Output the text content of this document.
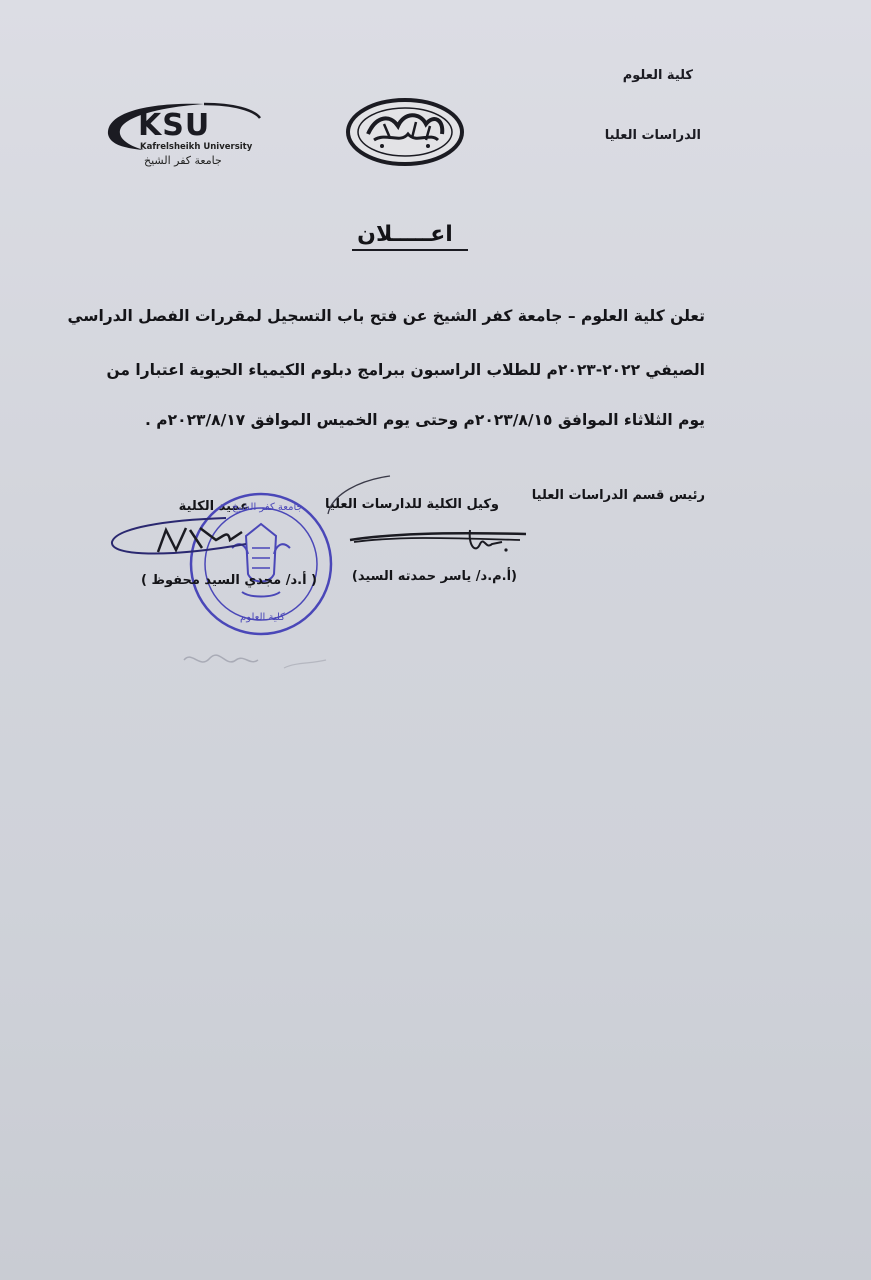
كلية العلوم
الدراسات العليا
KSU
Kafrelsheikh University
جامعة كفر الشيخ
اعـــــلان
تعلن كلية العلوم – جامعة كفر الشيخ عن فتح باب التسجيل لمقررات الفصل الدراسي
الصيفي ٢٠٢٢-٢٠٢٣م للطلاب الراسبون ببرامج دبلوم الكيمياء الحيوية اعتبارا من
يوم الثلاثاء الموافق ٢٠٢٣/٨/١٥م وحتى يوم الخميس الموافق ٢٠٢٣/٨/١٧م .
رئيس قسم الدراسات العليا
وكيل الكلية للدارسات العليا
عميد الكلية
جامعة كفر الشيخ
كلية العلوم
(أ.م.د/ ياسر حمدته السيد)
( أ.د/ مجدي السيد محفوظ )
